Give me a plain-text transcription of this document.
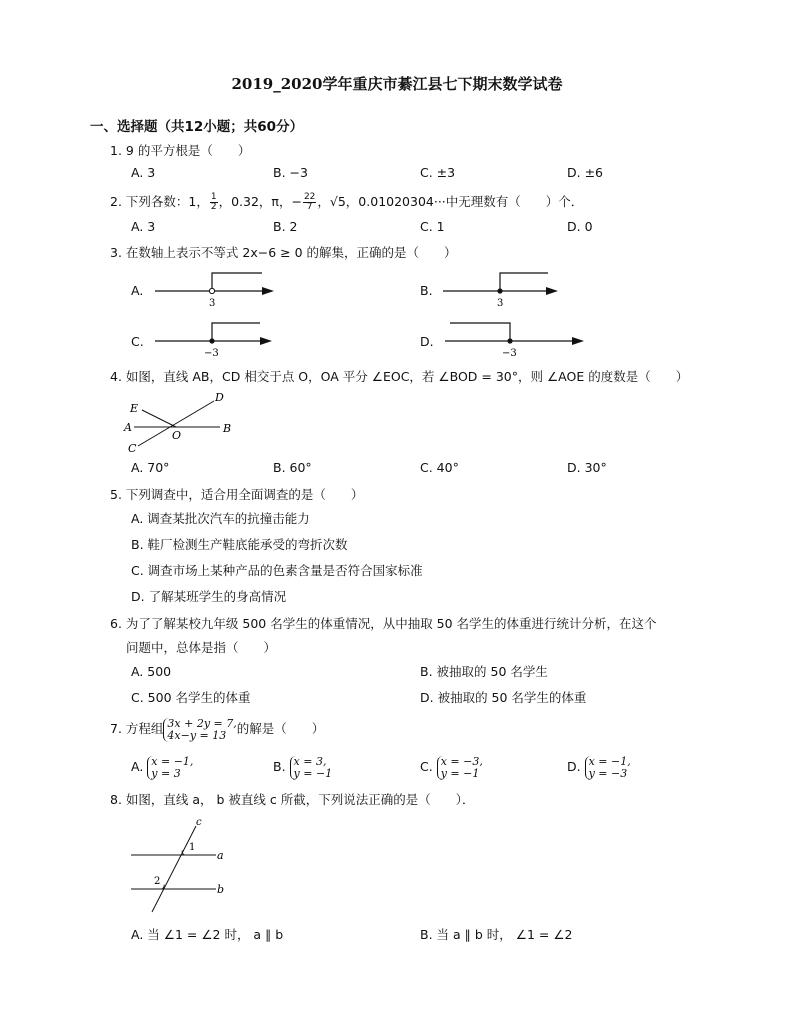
2019_2020学年重庆市綦江县七下期末数学试卷
一、选择题（共12小题；共60分）
1. 9 的平方根是（　　）
A. 3	B. −3	C. ±3	D. ±6
2. 下列各数：1， $\frac{1}{2}$ ，0.32，π，− $\frac{22}{7}$ ，√5，0.01020304···中无理数有（　　）个．
A. 3	B. 2	C. 1	D. 0
3. 在数轴上表示不等式 2x−6 ≥ 0 的解集，正确的是（　　）
A.
3
B.
3
C.
−3
D.
−3
4. 如图，直线 AB，CD 相交于点 O，OA 平分 ∠EOC，若 ∠BOD = 30°，则 ∠AOE 的度数是（　　）
E
D
A
O
B
C
A. 70°	B. 60°	C. 40°	D. 30°
5. 下列调查中，适合用全面调查的是（　　）
A. 调查某批次汽车的抗撞击能力
B. 鞋厂检测生产鞋底能承受的弯折次数
C. 调查市场上某种产品的色素含量是否符合国家标准
D. 了解某班学生的身高情况
6. 为了了解某校九年级 500 名学生的体重情况，从中抽取 50 名学生的体重进行统计分析，在这个
问题中，总体是指（　　）
A. 500	B. 被抽取的 50 名学生
C. 500 名学生的体重	D. 被抽取的 50 名学生的体重
7. 方程组 3x + 2y = 7,
4x−y = 13 的解是（　　）
A. x = −1,
y = 3	B. x = 3,
y = −1	C. x = −3,
y = −1	D. x = −1,
y = −3
8. 如图，直线 a， b 被直线 c 所截，下列说法正确的是（　　）．
c
1
a
2
b
A. 当 ∠1 = ∠2 时， a ∥ b	B. 当 a ∥ b 时， ∠1 = ∠2
